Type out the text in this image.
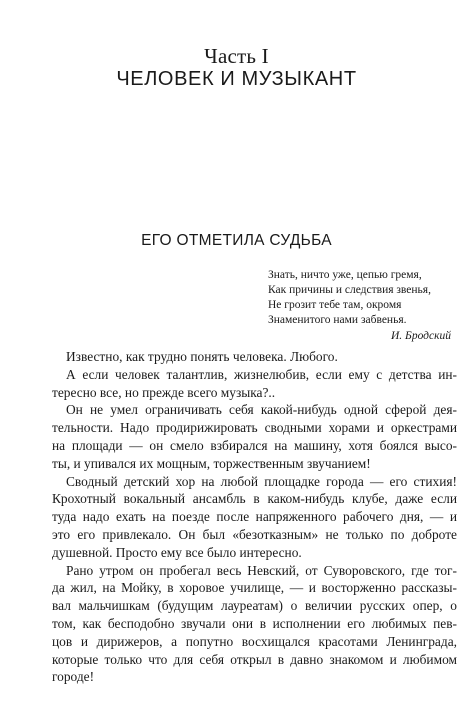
Часть I
ЧЕЛОВЕК И МУЗЫКАНТ
ЕГО ОТМЕТИЛА СУДЬБА
Знать, ничто уже, цепью гремя,
Как причины и следствия звенья,
Не грозит тебе там, окромя
Знаменитого нами забвенья.
И. Бродский
Известно, как трудно понять человека. Любого.
А если человек талантлив, жизнелюбив, если ему с детства ин-
тересно все, но прежде всего музыка?..
Он не умел ограничивать себя какой-нибудь одной сферой дея-
тельности. Надо продирижировать сводными хорами и оркестрами
на площади — он смело взбирался на машину, хотя боялся высо-
ты, и упивался их мощным, торжественным звучанием!
Сводный детский хор на любой площадке города — его стихия!
Крохотный вокальный ансамбль в каком-нибудь клубе, даже если
туда надо ехать на поезде после напряженного рабочего дня, — и
это его привлекало. Он был «безотказным» не только по доброте
душевной. Просто ему все было интересно.
Рано утром он пробегал весь Невский, от Суворовского, где тог-
да жил, на Мойку, в хоровое училище, — и восторженно рассказы-
вал мальчишкам (будущим лауреатам) о величии русских опер, о
том, как бесподобно звучали они в исполнении его любимых пев-
цов и дирижеров, а попутно восхищался красотами Ленинграда,
которые только что для себя открыл в давно знакомом и любимом
городе!
